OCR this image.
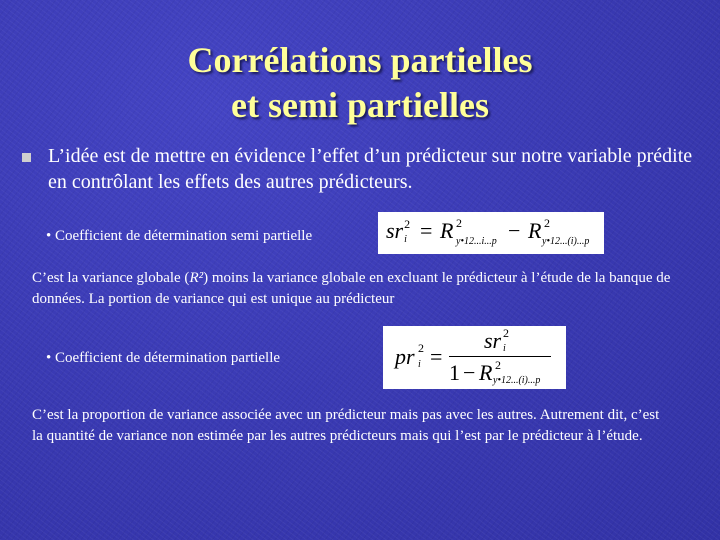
Corrélations partielles
et semi partielles
L’idée est de mettre en évidence l’effet d’un prédicteur sur notre variable prédite en contrôlant les effets des autres prédicteurs.
• Coefficient de détermination semi partielle	sr 2
i = R 2
y•12...i...p − R 2
y•12...(i)...p
C’est la variance globale (R²) moins la variance globale en excluant le prédicteur à l’étude de la banque de données. La portion de variance qui est unique au prédicteur
• Coefficient de détermination partielle	pr 2
i =
sr 2
i
1 − R 2
y•12...(i)...p
C’est la proportion de variance associée avec un prédicteur mais pas avec les autres. Autrement dit, c’est la quantité de variance non estimée par les autres prédicteurs mais qui l’est par le prédicteur à l’étude.
